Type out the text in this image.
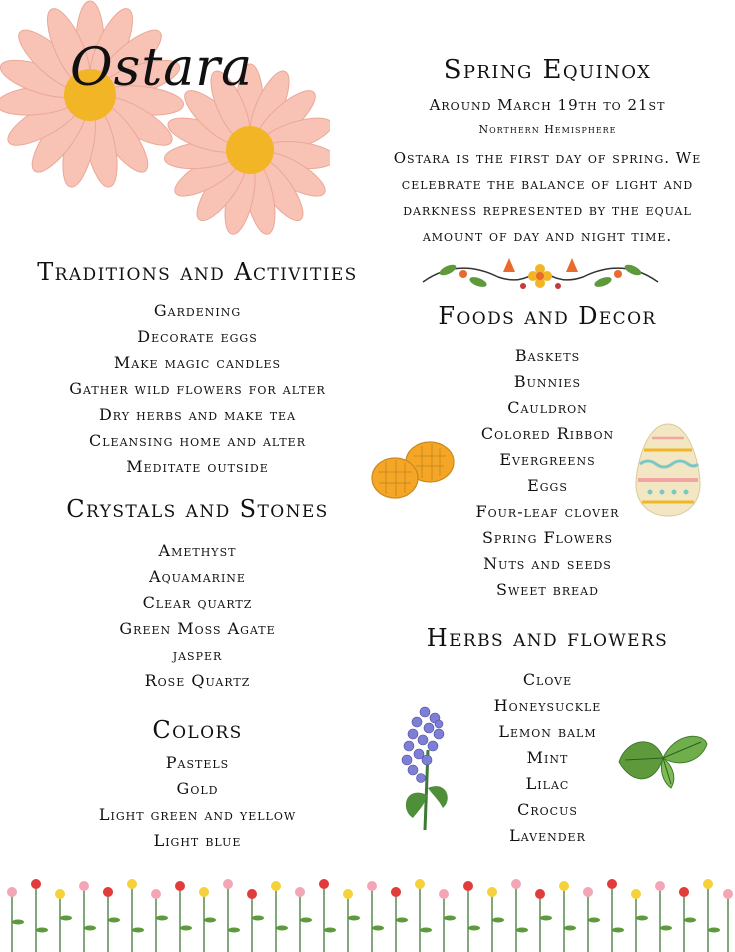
Ostara	Spring Equinox
Around March 19th to 21st
Northern Hemisphere
Ostara is the first day of spring. We
celebrate the balance of light and
darkness represented by the equal
amount of day and night time.
Traditions and Activities
Gardening
Decorate eggs
Make magic candles
Gather wild flowers for alter
Dry herbs and make tea
Cleansing home and alter
Meditate outside
Crystals and Stones
Amethyst
Aquamarine
Clear quartz
Green Moss Agate
jasper
Rose Quartz
Colors
Pastels
Gold
Light green and yellow
Light blue
Foods and Decor
Baskets
Bunnies
Cauldron
Colored Ribbon
Evergreens
Eggs
Four-leaf clover
Spring Flowers
Nuts and seeds
Sweet bread
Herbs and flowers
Clove
Honeysuckle
Lemon balm
Mint
Lilac
Crocus
Lavender
